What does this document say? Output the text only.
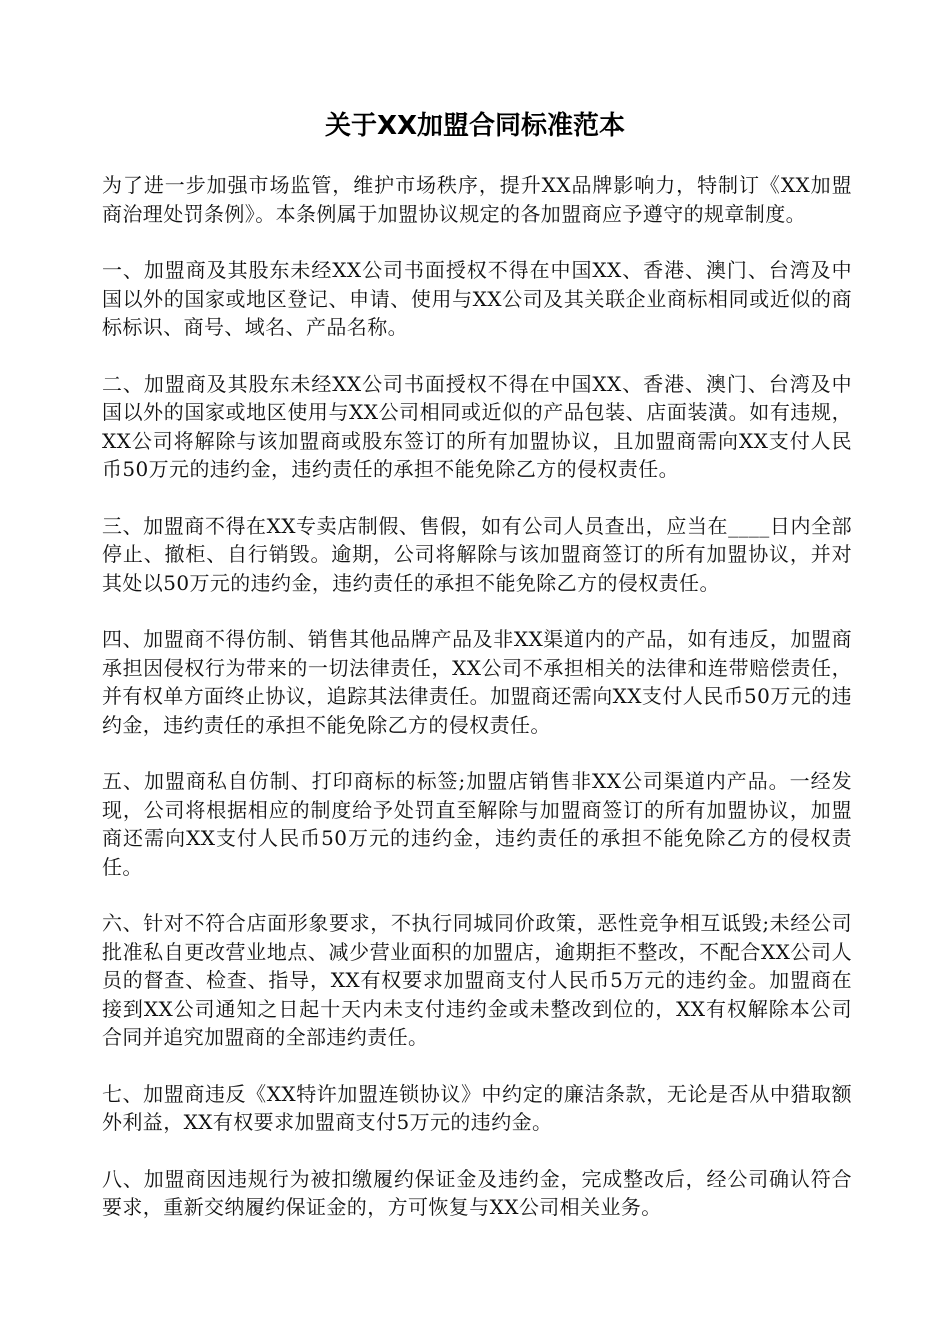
关于XX加盟合同标准范本

为了进一步加强市场监管，维护市场秩序，提升XX品牌影响力，特制订《XX加盟商治理处罚条例》。本条例属于加盟协议规定的各加盟商应予遵守的规章制度。

一、加盟商及其股东未经XX公司书面授权不得在中国XX、香港、澳门、台湾及中国以外的国家或地区登记、申请、使用与XX公司及其关联企业商标相同或近似的商标标识、商号、域名、产品名称。

二、加盟商及其股东未经XX公司书面授权不得在中国XX、香港、澳门、台湾及中国以外的国家或地区使用与XX公司相同或近似的产品包装、店面装潢。如有违规，XX公司将解除与该加盟商或股东签订的所有加盟协议，且加盟商需向XX支付人民币50万元的违约金，违约责任的承担不能免除乙方的侵权责任。

三、加盟商不得在XX专卖店制假、售假，如有公司人员查出，应当在____日内全部停止、撤柜、自行销毁。逾期，公司将解除与该加盟商签订的所有加盟协议，并对其处以50万元的违约金，违约责任的承担不能免除乙方的侵权责任。

四、加盟商不得仿制、销售其他品牌产品及非XX渠道内的产品，如有违反，加盟商承担因侵权行为带来的一切法律责任，XX公司不承担相关的法律和连带赔偿责任，并有权单方面终止协议，追踪其法律责任。加盟商还需向XX支付人民币50万元的违约金，违约责任的承担不能免除乙方的侵权责任。

五、加盟商私自仿制、打印商标的标签;加盟店销售非XX公司渠道内产品。一经发现，公司将根据相应的制度给予处罚直至解除与加盟商签订的所有加盟协议，加盟商还需向XX支付人民币50万元的违约金，违约责任的承担不能免除乙方的侵权责任。

六、针对不符合店面形象要求，不执行同城同价政策，恶性竞争相互诋毁;未经公司批准私自更改营业地点、减少营业面积的加盟店，逾期拒不整改，不配合XX公司人员的督查、检查、指导，XX有权要求加盟商支付人民币5万元的违约金。加盟商在接到XX公司通知之日起十天内未支付违约金或未整改到位的，XX有权解除本公司合同并追究加盟商的全部违约责任。

七、加盟商违反《XX特许加盟连锁协议》中约定的廉洁条款，无论是否从中猎取额外利益，XX有权要求加盟商支付5万元的违约金。

八、加盟商因违规行为被扣缴履约保证金及违约金，完成整改后，经公司确认符合要求，重新交纳履约保证金的，方可恢复与XX公司相关业务。
